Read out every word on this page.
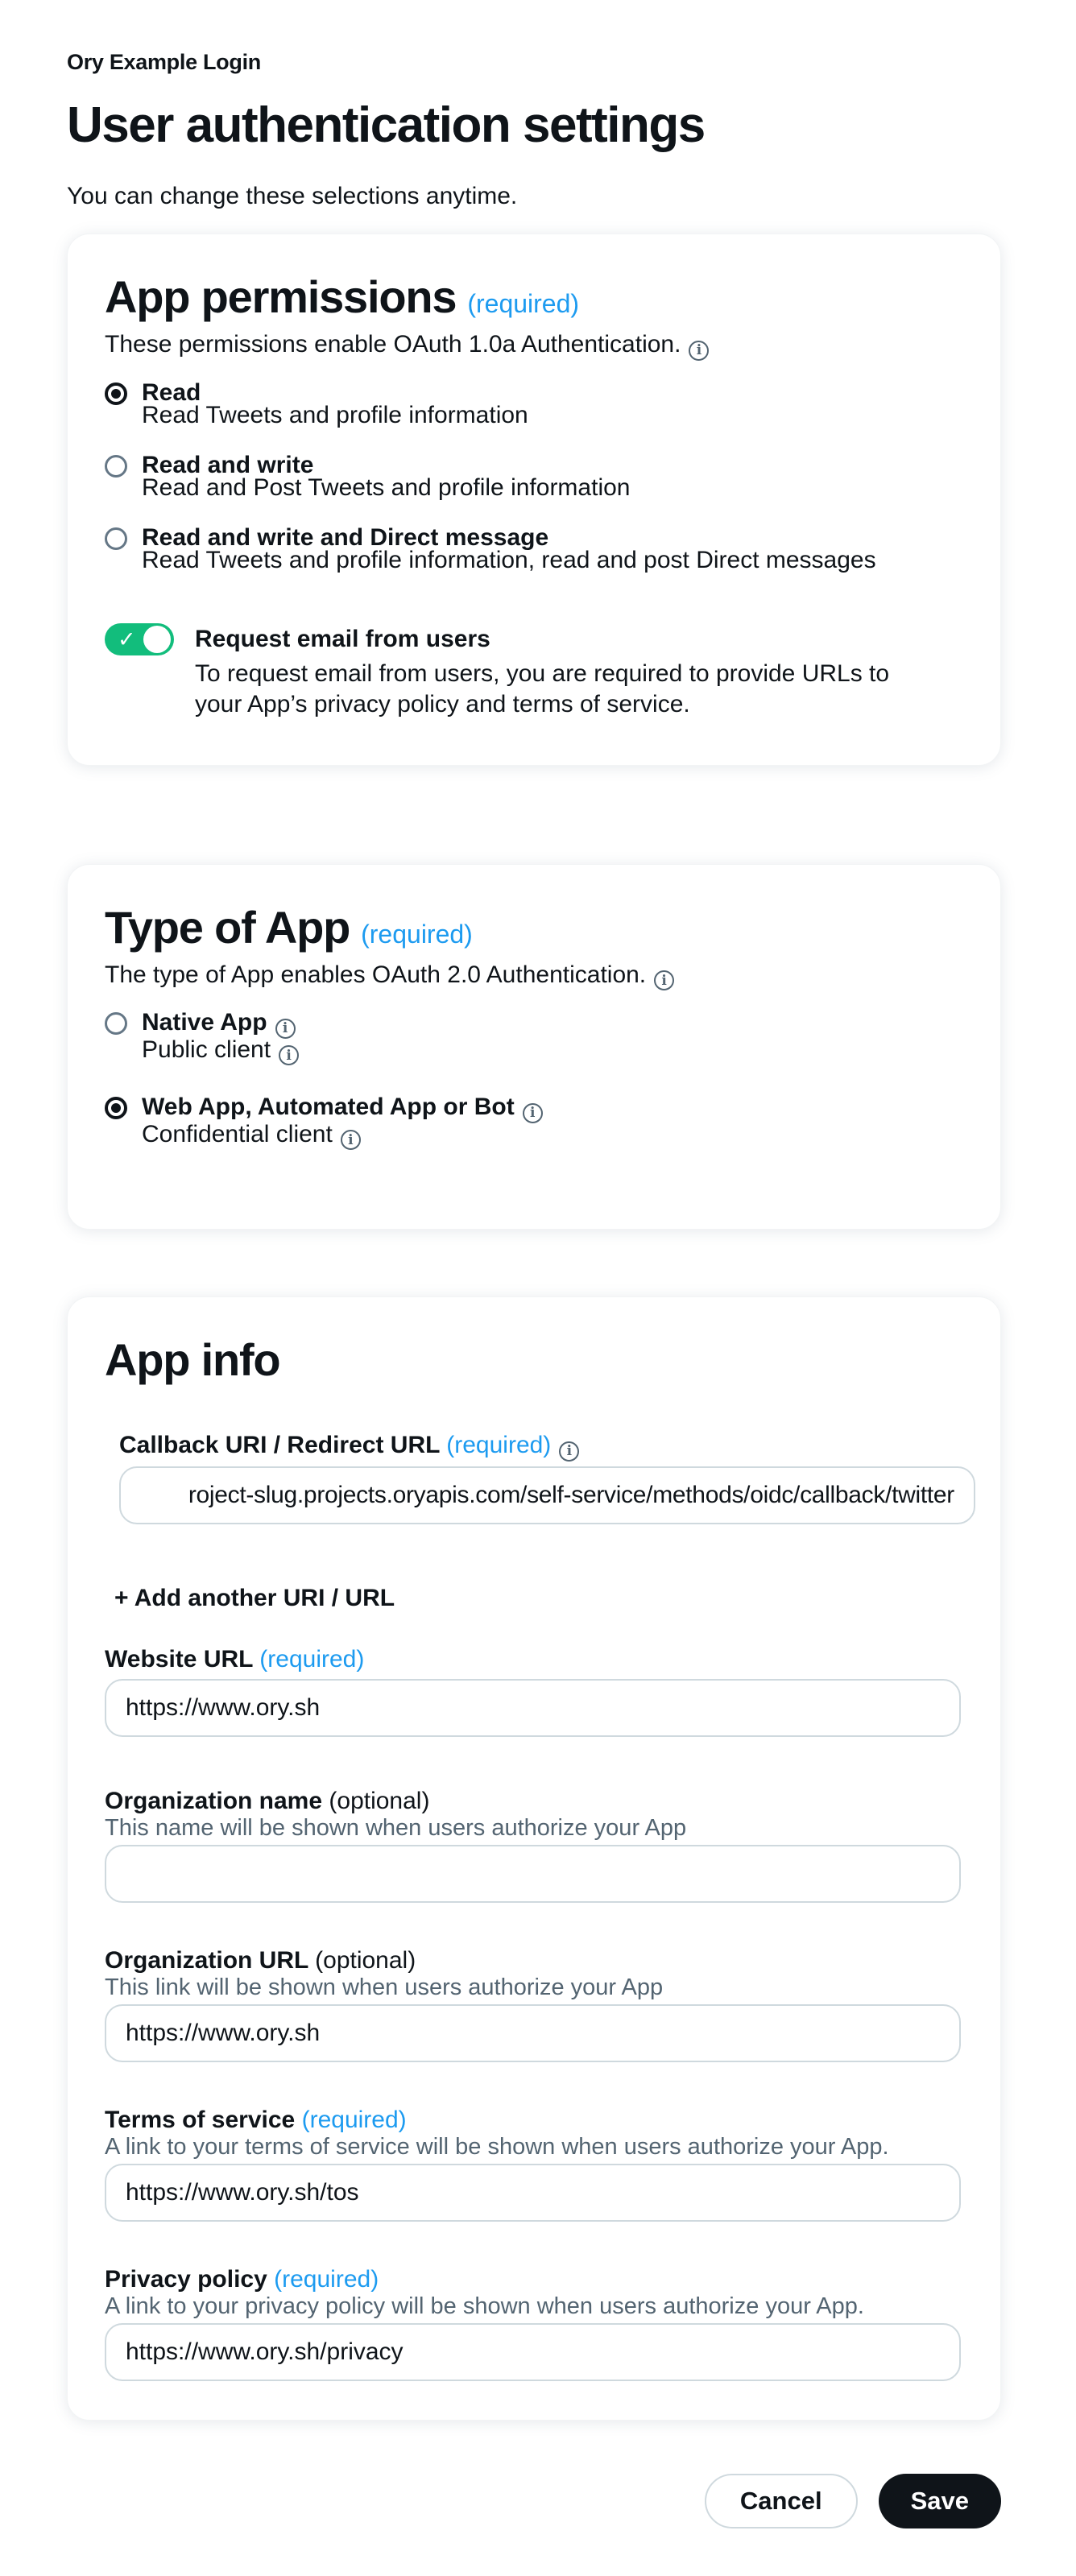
Ory Example Login
User authentication settings
You can change these selections anytime.
App permissions (required)
These permissions enable OAuth 1.0a Authentication.i
Read
Read Tweets and profile information
Read and write
Read and Post Tweets and profile information
Read and write and Direct message
Read Tweets and profile information, read and post Direct messages
✓ Request email from users
To request email from users, you are required to provide URLs to your App’s privacy policy and terms of service.
Type of App (required)
The type of App enables OAuth 2.0 Authentication.i
Native Appi
Public clienti
Web App, Automated App or Boti
Confidential clienti
App info
Callback URI / Redirect URL (required)i
roject-slug.projects.oryapis.com/self-service/methods/oidc/callback/twitter
+ Add another URI / URL
Website URL (required)
https://www.ory.sh
Organization name (optional)
This name will be shown when users authorize your App
Organization URL (optional)
This link will be shown when users authorize your App
https://www.ory.sh
Terms of service (required)
A link to your terms of service will be shown when users authorize your App.
https://www.ory.sh/tos
Privacy policy (required)
A link to your privacy policy will be shown when users authorize your App.
https://www.ory.sh/privacy
Cancel	Save
